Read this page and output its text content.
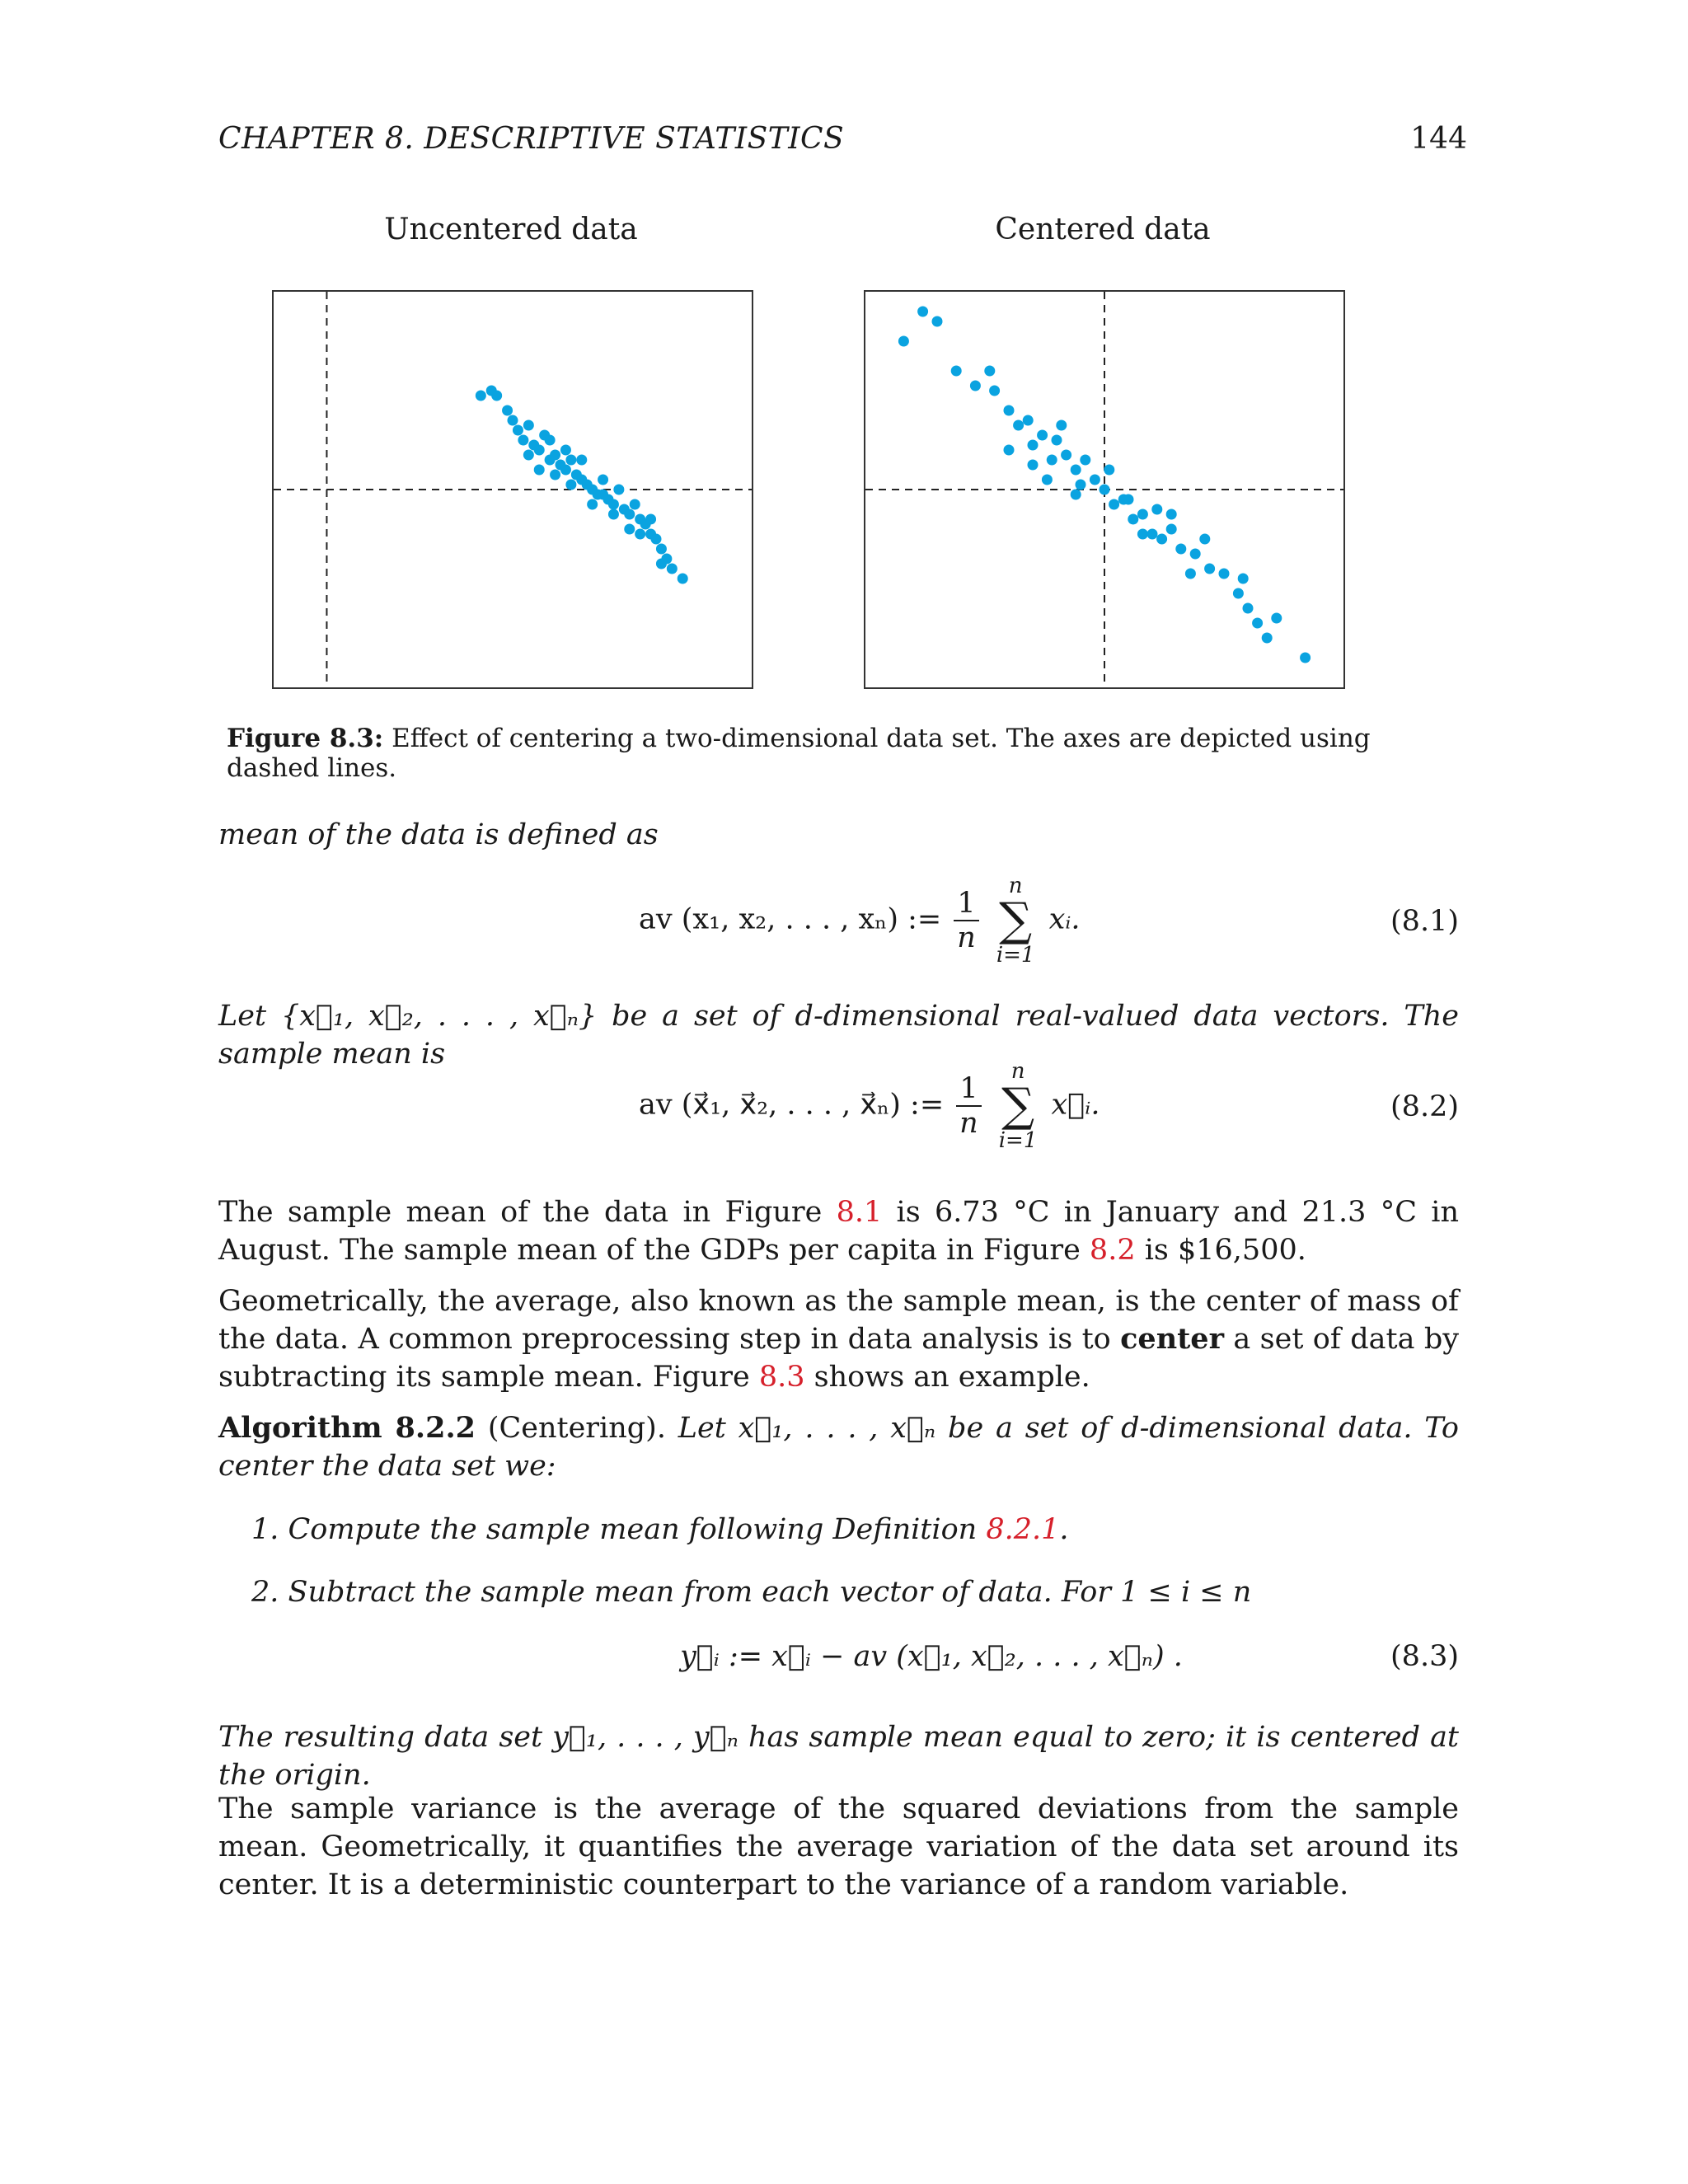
CHAPTER 8. DESCRIPTIVE STATISTICS	144
Uncentered data	Centered data
Figure 8.3: Effect of centering a two-dimensional data set. The axes are depicted using dashed lines.
mean of the data is defined as
av (x₁, x₂, . . . , xₙ) := $\frac{1}{n}$

n
∑
i=1
xᵢ.	(8.1)
Let {x⃗₁, x⃗₂, . . . , x⃗ₙ} be a set of d-dimensional real-valued data vectors. The sample mean is
av (x⃗₁, x⃗₂, . . . , x⃗ₙ) := $\frac{1}{n}$

n
∑
i=1
x⃗ᵢ.	(8.2)
The sample mean of the data in Figure 8.1 is 6.73 °C in January and 21.3 °C in August. The sample mean of the GDPs per capita in Figure 8.2 is $16,500.
Geometrically, the average, also known as the sample mean, is the center of mass of the data. A common preprocessing step in data analysis is to center a set of data by subtracting its sample mean. Figure 8.3 shows an example.
Algorithm 8.2.2 (Centering). Let x⃗₁, . . . , x⃗ₙ be a set of d-dimensional data. To center the data set we:
1. Compute the sample mean following Definition 8.2.1.
2. Subtract the sample mean from each vector of data. For 1 ≤ i ≤ n
y⃗ᵢ := x⃗ᵢ − av (x⃗₁, x⃗₂, . . . , x⃗ₙ) .	(8.3)
The resulting data set y⃗₁, . . . , y⃗ₙ has sample mean equal to zero; it is centered at the origin.
The sample variance is the average of the squared deviations from the sample mean. Geometrically, it quantifies the average variation of the data set around its center. It is a deterministic counterpart to the variance of a random variable.
